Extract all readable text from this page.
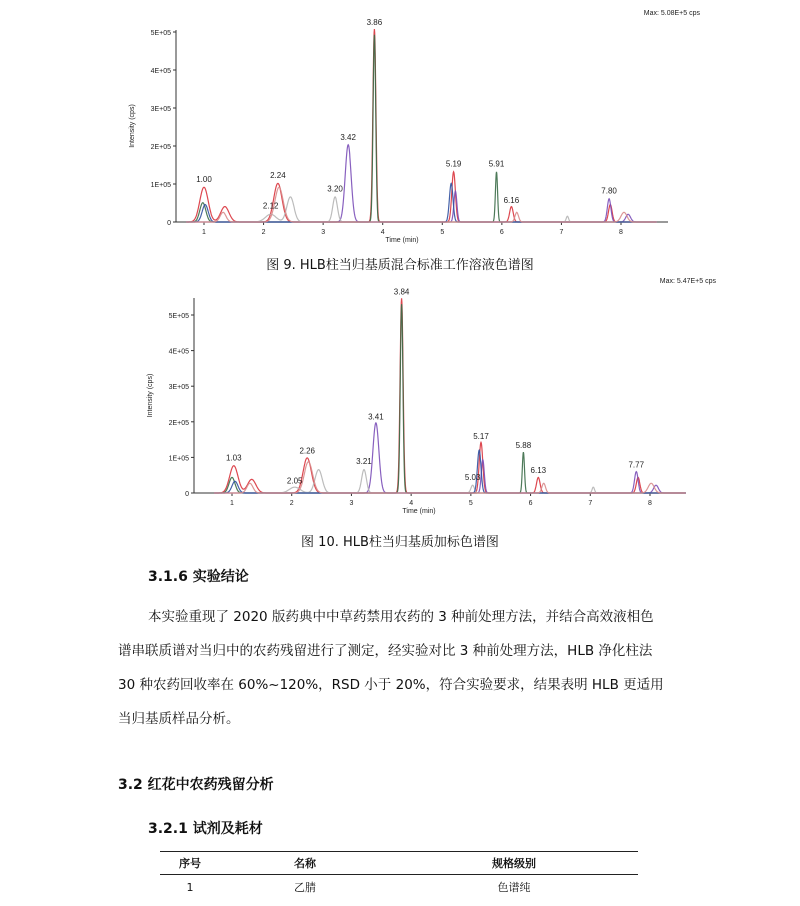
0
1E+05
2E+05
3E+05
4E+05
5E+05
1	2	3	4	5	6	7	8
Time (min)
Intensity (cps)
Max: 5.08E+5 cps
1.00
2.12
2.24
3.20
3.42
3.86
5.19	5.91
6.16
7.80
图 9. HLB柱当归基质混合标准工作溶液色谱图
0
1E+05
2E+05
3E+05
4E+05
5E+05
1	2	3	4	5	6	7	8
Time (min)
Intensity (cps)
Max: 5.47E+5 cps
1.03
2.05
2.26
3.21
3.41
3.84
5.03
5.17
5.88
6.13
7.77
图 10. HLB柱当归基质加标色谱图
3.1.6 实验结论
本实验重现了 2020 版药典中中草药禁用农药的 3 种前处理方法，并结合高效液相色
谱串联质谱对当归中的农药残留进行了测定，经实验对比 3 种前处理方法，HLB 净化柱法
30 种农药回收率在 60%~120%，RSD 小于 20%，符合实验要求，结果表明 HLB 更适用
当归基质样品分析。
3.2 红花中农药残留分析
3.2.1 试剂及耗材
序号	名称	规格级别
1	乙腈	色谱纯
